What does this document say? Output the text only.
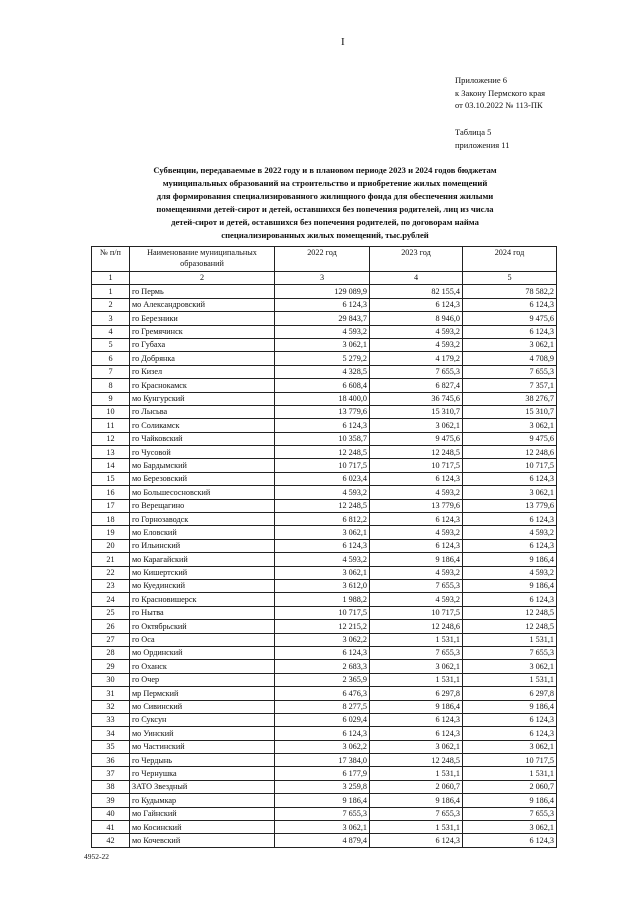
I
Приложение 6
к Закону Пермского края
от 03.10.2022 № 113-ПК
Таблица 5
приложения 11
Субвенции, передаваемые в 2022 году и в плановом периоде 2023 и 2024 годов бюджетам
муниципальных образований на строительство и приобретение жилых помещений
для формирования специализированного жилищного фонда для обеспечения жилыми
помещениями детей-сирот и детей, оставшихся без попечения родителей, лиц из числа
детей-сирот и детей, оставшихся без попечения родителей, по договорам найма
специализированных жилых помещений, тыс.рублей
№ п/п	Наименование муниципальных образований	2022 год	2023 год	2024 год
1	2	3	4	5
1	го Пермь	129 089,9	82 155,4	78 582,2
2	мо Александровский	6 124,3	6 124,3	6 124,3
3	го Березники	29 843,7	8 946,0	9 475,6
4	го Гремячинск	4 593,2	4 593,2	6 124,3
5	го Губаха	3 062,1	4 593,2	3 062,1
6	го Добрянка	5 279,2	4 179,2	4 708,9
7	го Кизел	4 328,5	7 655,3	7 655,3
8	го Краснокамск	6 608,4	6 827,4	7 357,1
9	мо Кунгурский	18 400,0	36 745,6	38 276,7
10	го Лысьва	13 779,6	15 310,7	15 310,7
11	го Соликамск	6 124,3	3 062,1	3 062,1
12	го Чайковский	10 358,7	9 475,6	9 475,6
13	го Чусовой	12 248,5	12 248,5	12 248,6
14	мо Бардымский	10 717,5	10 717,5	10 717,5
15	мо Березовский	6 023,4	6 124,3	6 124,3
16	мо Большесосновский	4 593,2	4 593,2	3 062,1
17	го Верещагино	12 248,5	13 779,6	13 779,6
18	го Горнозаводск	6 812,2	6 124,3	6 124,3
19	мо Еловский	3 062,1	4 593,2	4 593,2
20	го Ильинский	6 124,3	6 124,3	6 124,3
21	мо Карагайский	4 593,2	9 186,4	9 186,4
22	мо Кишертский	3 062,1	4 593,2	4 593,2
23	мо Куединский	3 612,0	7 655,3	9 186,4
24	го Красновишерск	1 988,2	4 593,2	6 124,3
25	го Нытва	10 717,5	10 717,5	12 248,5
26	го Октябрьский	12 215,2	12 248,6	12 248,5
27	го Оса	3 062,2	1 531,1	1 531,1
28	мо Ординский	6 124,3	7 655,3	7 655,3
29	го Оханск	2 683,3	3 062,1	3 062,1
30	го Очер	2 365,9	1 531,1	1 531,1
31	мр Пермский	6 476,3	6 297,8	6 297,8
32	мо Сивинский	8 277,5	9 186,4	9 186,4
33	го Суксун	6 029,4	6 124,3	6 124,3
34	мо Уинский	6 124,3	6 124,3	6 124,3
35	мо Частинский	3 062,2	3 062,1	3 062,1
36	го Чердынь	17 384,0	12 248,5	10 717,5
37	го Чернушка	6 177,9	1 531,1	1 531,1
38	ЗАТО Звездный	3 259,8	2 060,7	2 060,7
39	го Кудымкар	9 186,4	9 186,4	9 186,4
40	мо Гайнский	7 655,3	7 655,3	7 655,3
41	мо Косинский	3 062,1	1 531,1	3 062,1
42	мо Кочевский	4 879,4	6 124,3	6 124,3
4952-22
